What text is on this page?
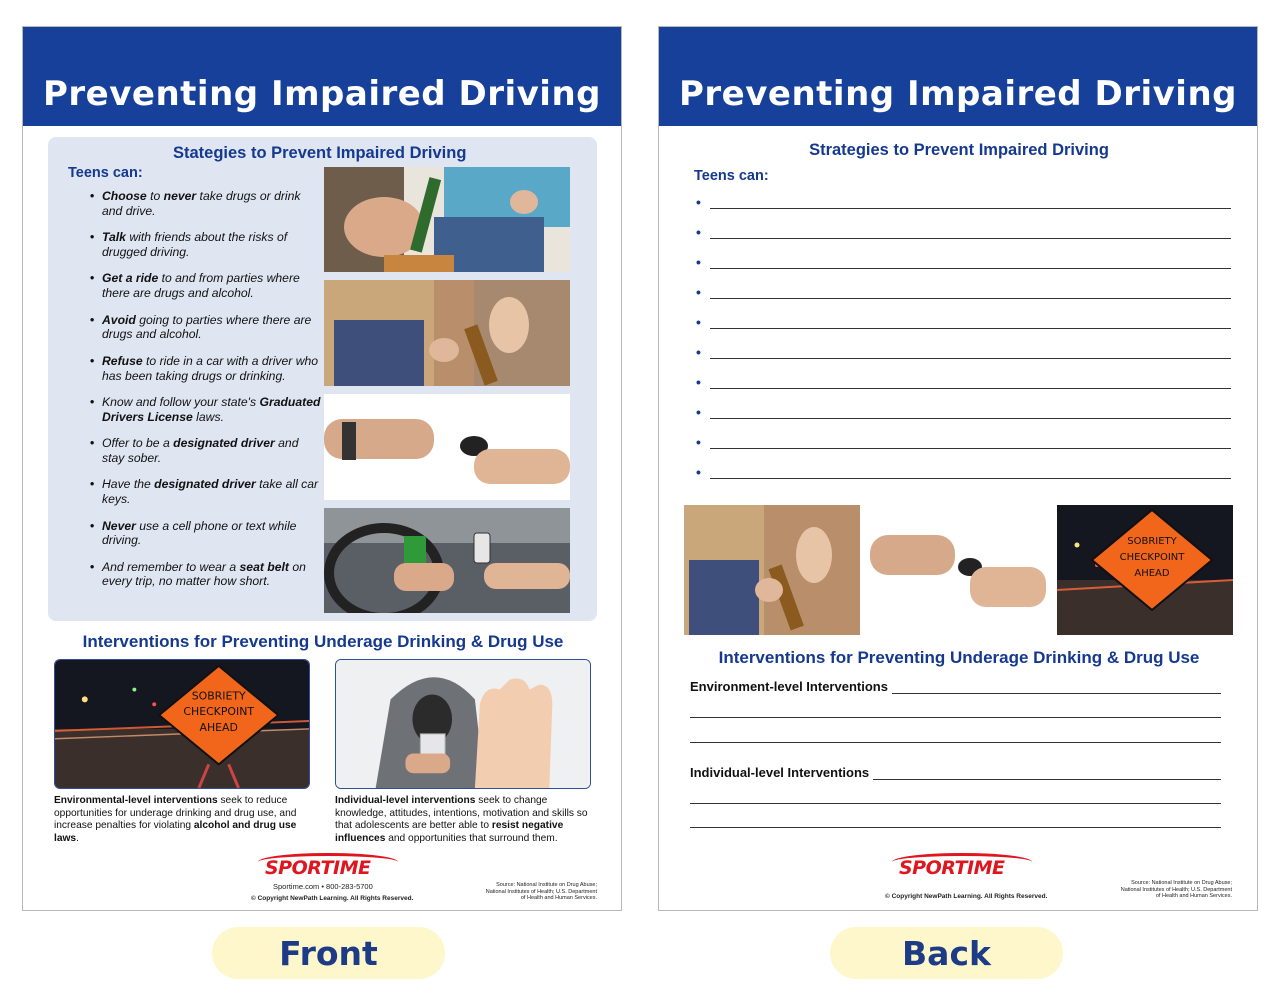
Preventing Impaired Driving
Stategies to Prevent Impaired Driving
Teens can:
• Choose to never take drugs or drink and drive.
• Talk with friends about the risks of drugged driving.
• Get a ride to and from parties where there are drugs and alcohol.
• Avoid going to parties where there are drugs and alcohol.
• Refuse to ride in a car with a driver who has been taking drugs or drinking.
• Know and follow your state's Graduated Drivers License laws.
• Offer to be a designated driver and stay sober.
• Have the designated driver take all car keys.
• Never use a cell phone or text while driving.
• And remember to wear a seat belt on every trip, no matter how short.
Interventions for Preventing Underage Drinking & Drug Use
SOBRIETY
CHECKPOINT
AHEAD
Environmental-level interventions seek to reduce opportunities for underage drinking and drug use, and increase penalties for violating alcohol and drug use laws.
Individual-level interventions seek to change knowledge, attitudes, intentions, motivation and skills so that adolescents are better able to resist negative influences and opportunities that surround them.
SPORTIME
Sportime.com • 800-283-5700
© Copyright NewPath Learning. All Rights Reserved.
Source: National Institute on Drug Abuse;
National Institutes of Health; U.S. Department
of Health and Human Services.
Preventing Impaired Driving
Strategies to Prevent Impaired Driving
Teens can:
•
•
•
•
•
•
•
•
•
•
SOBRIETY
CHECKPOINT
AHEAD
Interventions for Preventing Underage Drinking & Drug Use
Environment-level Interventions
Individual-level Interventions
SPORTIME
© Copyright NewPath Learning. All Rights Reserved.
Source: National Institute on Drug Abuse;
National Institutes of Health; U.S. Department
of Health and Human Services.
Front	Back
